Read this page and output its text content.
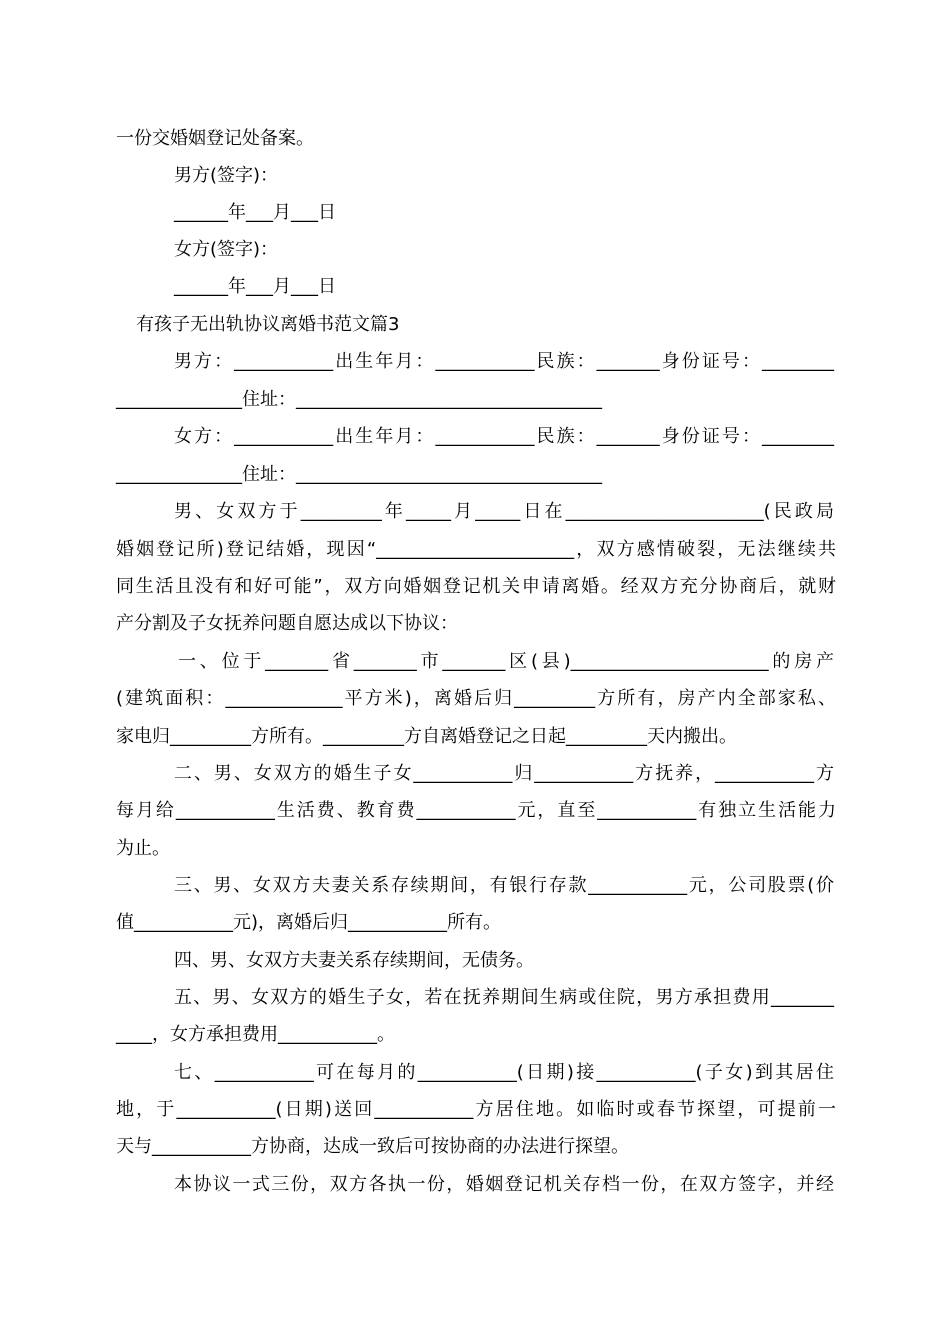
一份交婚姻登记处备案。
男方(签字)：
______年___月___日
女方(签字)：
______年___月___日
有孩子无出轨协议离婚书范文篇3
男方：___________出生年月：___________民族：_______身份证号：________
______________住址：__________________________________
女方：___________出生年月：___________民族：_______身份证号：________
______________住址：__________________________________
男、女双方于_________年_____月_____日在______________________(民政局
婚姻登记所)登记结婚，现因“______________________，双方感情破裂，无法继续共
同生活且没有和好可能”，双方向婚姻登记机关申请离婚。经双方充分协商后，就财
产分割及子女抚养问题自愿达成以下协议：
一、位于_______省_______市_______区(县)______________________的房产
(建筑面积：_____________平方米)，离婚后归_________方所有，房产内全部家私、
家电归_________方所有。_________方自离婚登记之日起_________天内搬出。
二、男、女双方的婚生子女___________归___________方抚养，___________方
每月给___________生活费、教育费___________元，直至___________有独立生活能力
为止。
三、男、女双方夫妻关系存续期间，有银行存款___________元，公司股票(价
值___________元)，离婚后归___________所有。
四、男、女双方夫妻关系存续期间，无债务。
五、男、女双方的婚生子女，若在抚养期间生病或住院，男方承担费用_______
____，女方承担费用___________。
七、___________可在每月的___________(日期)接___________(子女)到其居住
地，于___________(日期)送回___________方居住地。如临时或春节探望，可提前一
天与___________方协商，达成一致后可按协商的办法进行探望。
本协议一式三份，双方各执一份，婚姻登记机关存档一份，在双方签字，并经
